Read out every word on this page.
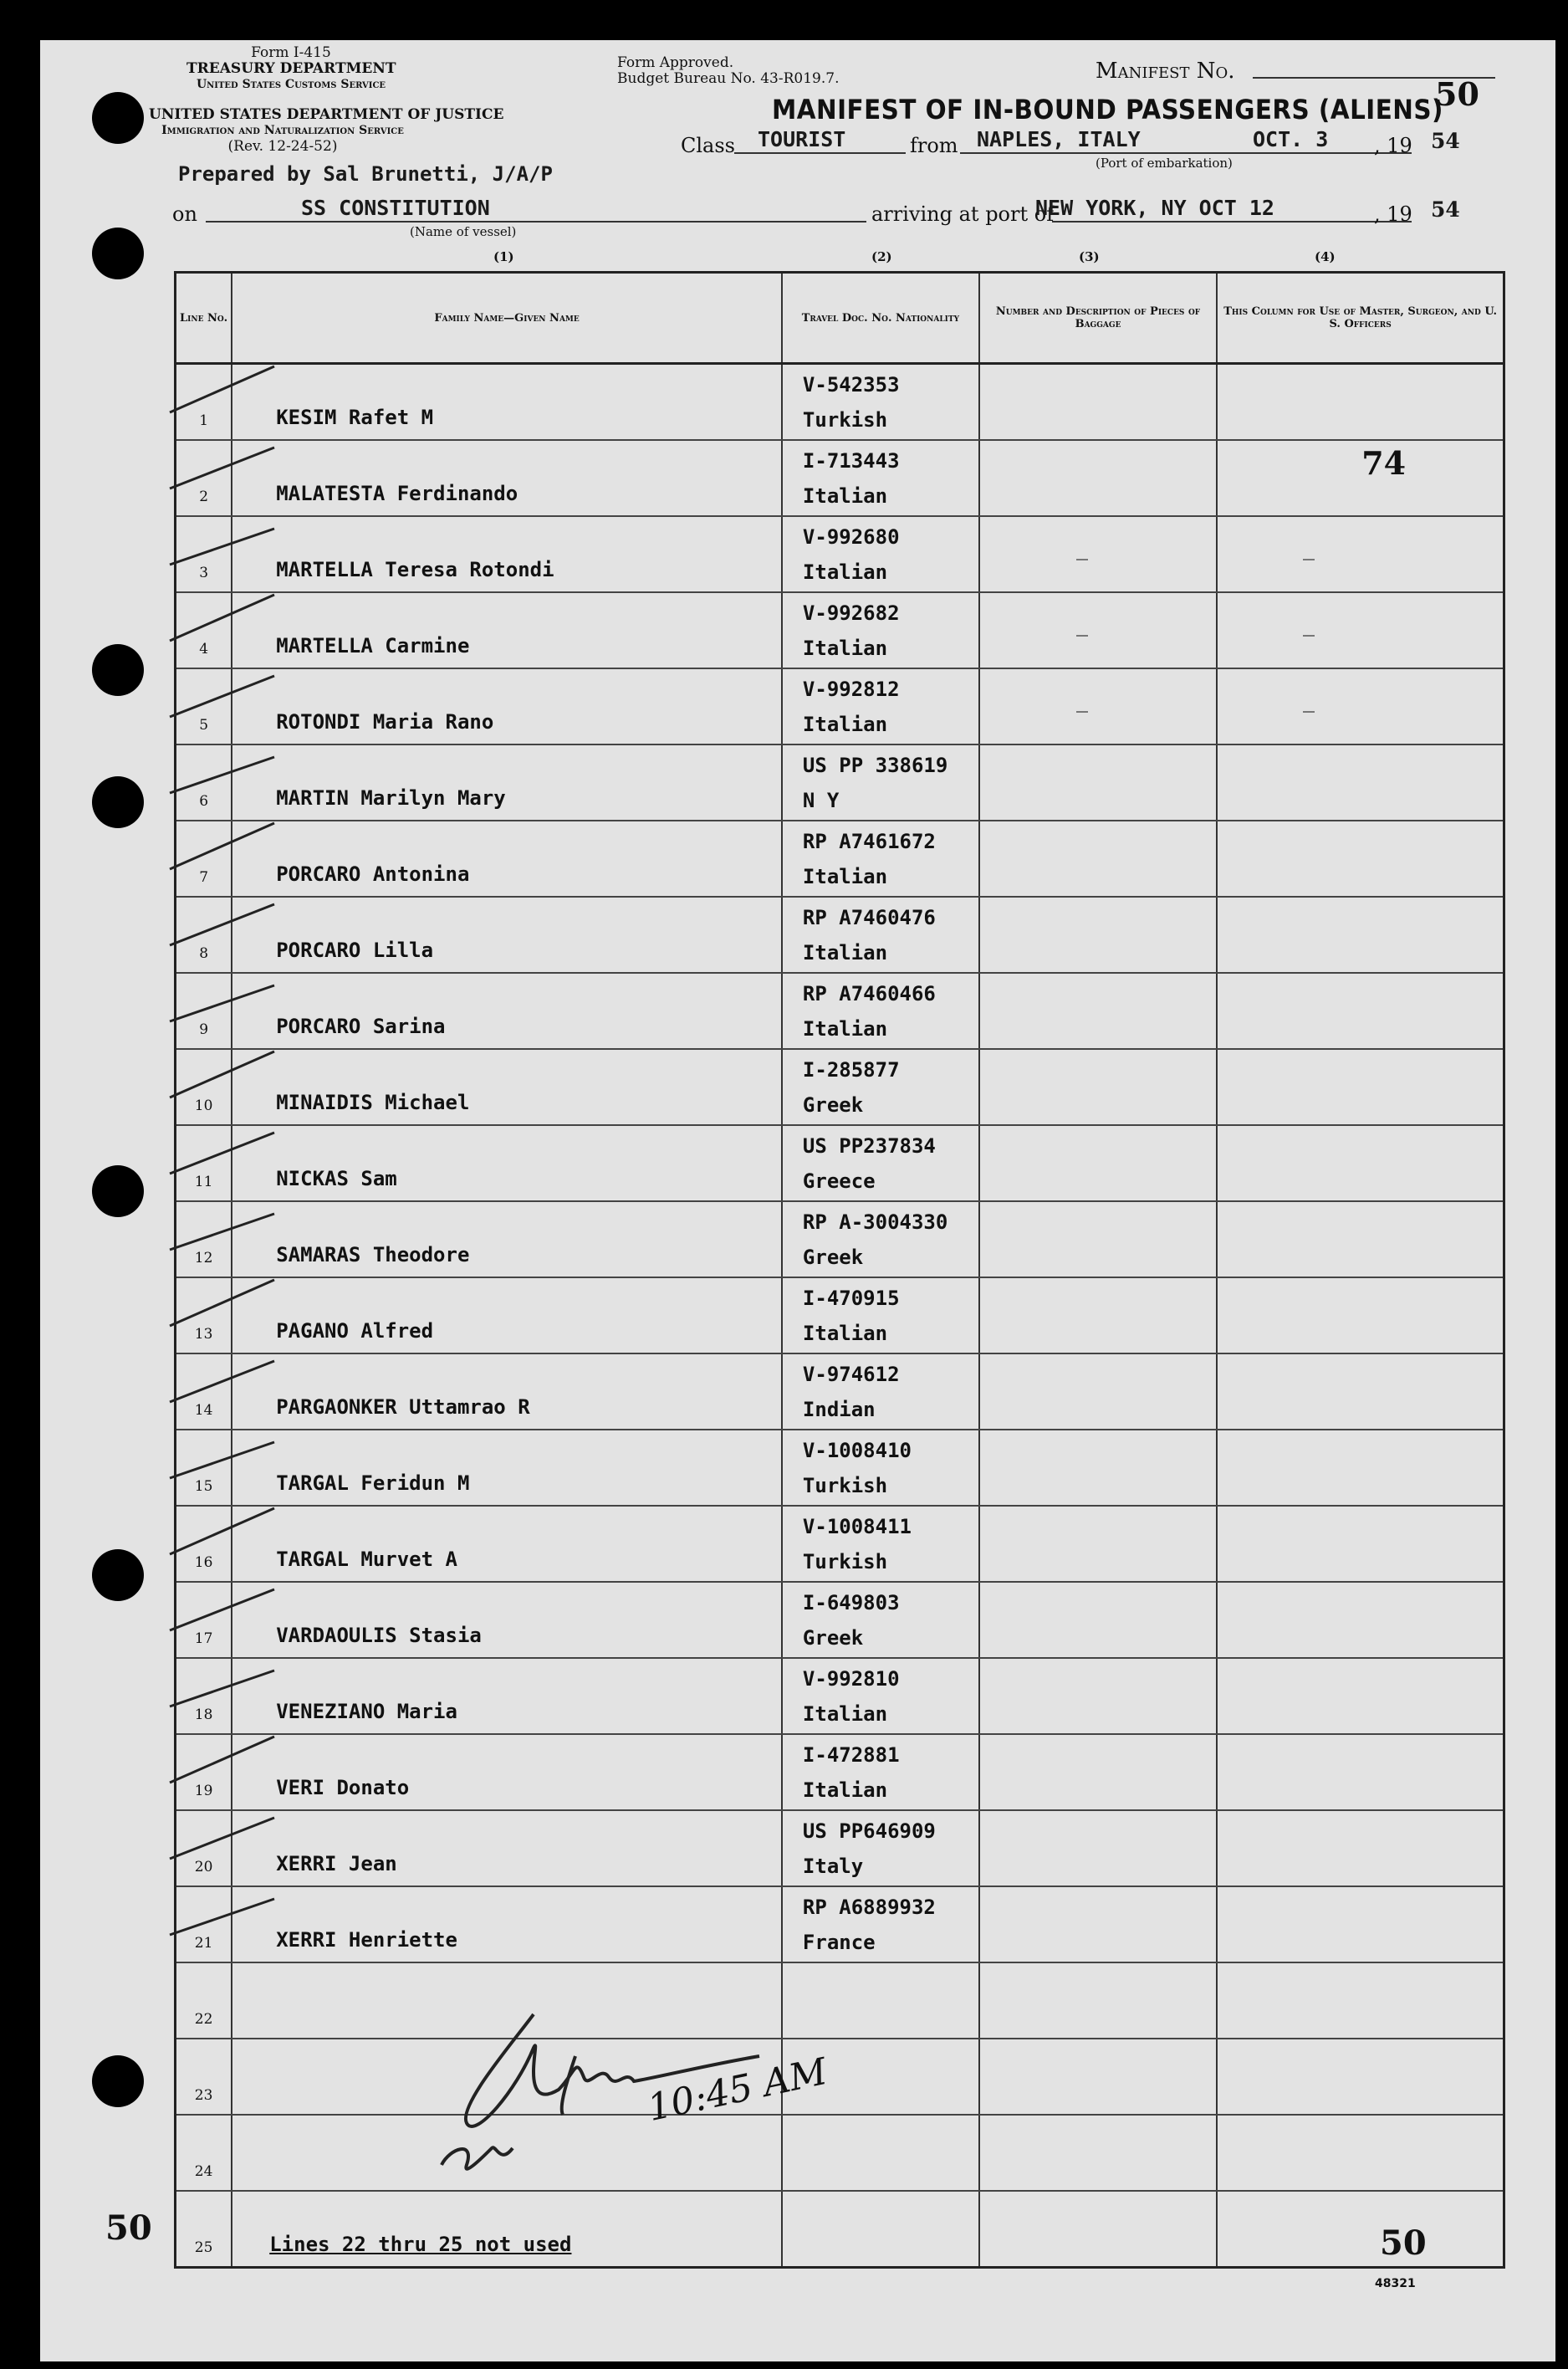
Form I-415
TREASURY DEPARTMENT
United States Customs Service
UNITED STATES DEPARTMENT OF JUSTICE
Immigration and Naturalization Service
(Rev. 12-24-52)
Form Approved.
Budget Bureau No. 43-R019.7.	Manifest No.
50
MANIFEST OF IN-BOUND PASSENGERS (ALIENS)
Class TOURIST	from NAPLES, ITALY	OCT. 3 , 19 54
(Port of embarkation)
Prepared by Sal Brunetti, J/A/P
on	SS CONSTITUTION
(Name of vessel)
arriving at port of
NEW YORK, NY OCT 12	, 19 54
(1)	(2)	(3)	(4)
Line No.	Family Name—Given Name	Travel Doc. No. Nationality	Number and Description of Pieces of Baggage	This Column for Use of Master, Surgeon, and U. S. Officers

1	KESIM Rafet M	V-542353
Turkish		

2	MALATESTA Ferdinando	I-713443
Italian		74

3	MARTELLA Teresa Rotondi	V-992680
Italian		

4	MARTELLA Carmine	V-992682
Italian		

5	ROTONDI Maria Rano	V-992812
Italian		

6	MARTIN Marilyn Mary	US PP 338619
N Y		

7	PORCARO Antonina	RP A7461672
Italian		

8	PORCARO Lilla	RP A7460476
Italian		

9	PORCARO Sarina	RP A7460466
Italian		

10	MINAIDIS Michael	I-285877
Greek		

11	NICKAS Sam	US PP237834
Greece		

12	SAMARAS Theodore	RP A-3004330
Greek		

13	PAGANO Alfred	I-470915
Italian		

14	PARGAONKER Uttamrao R	V-974612
Indian		

15	TARGAL Feridun M	V-1008410
Turkish		

16	TARGAL Murvet A	V-1008411
Turkish		

17	VARDAOULIS Stasia	I-649803
Greek		

18	VENEZIANO Maria	V-992810
Italian		

19	VERI Donato	I-472881
Italian		

20	XERRI Jean	US PP646909
Italy		

21	XERRI Henriette	RP A6889932
France		

22				

23				

24				

25	Lines 22 thru 25 not used			

10:45 AM
50	50
48321
